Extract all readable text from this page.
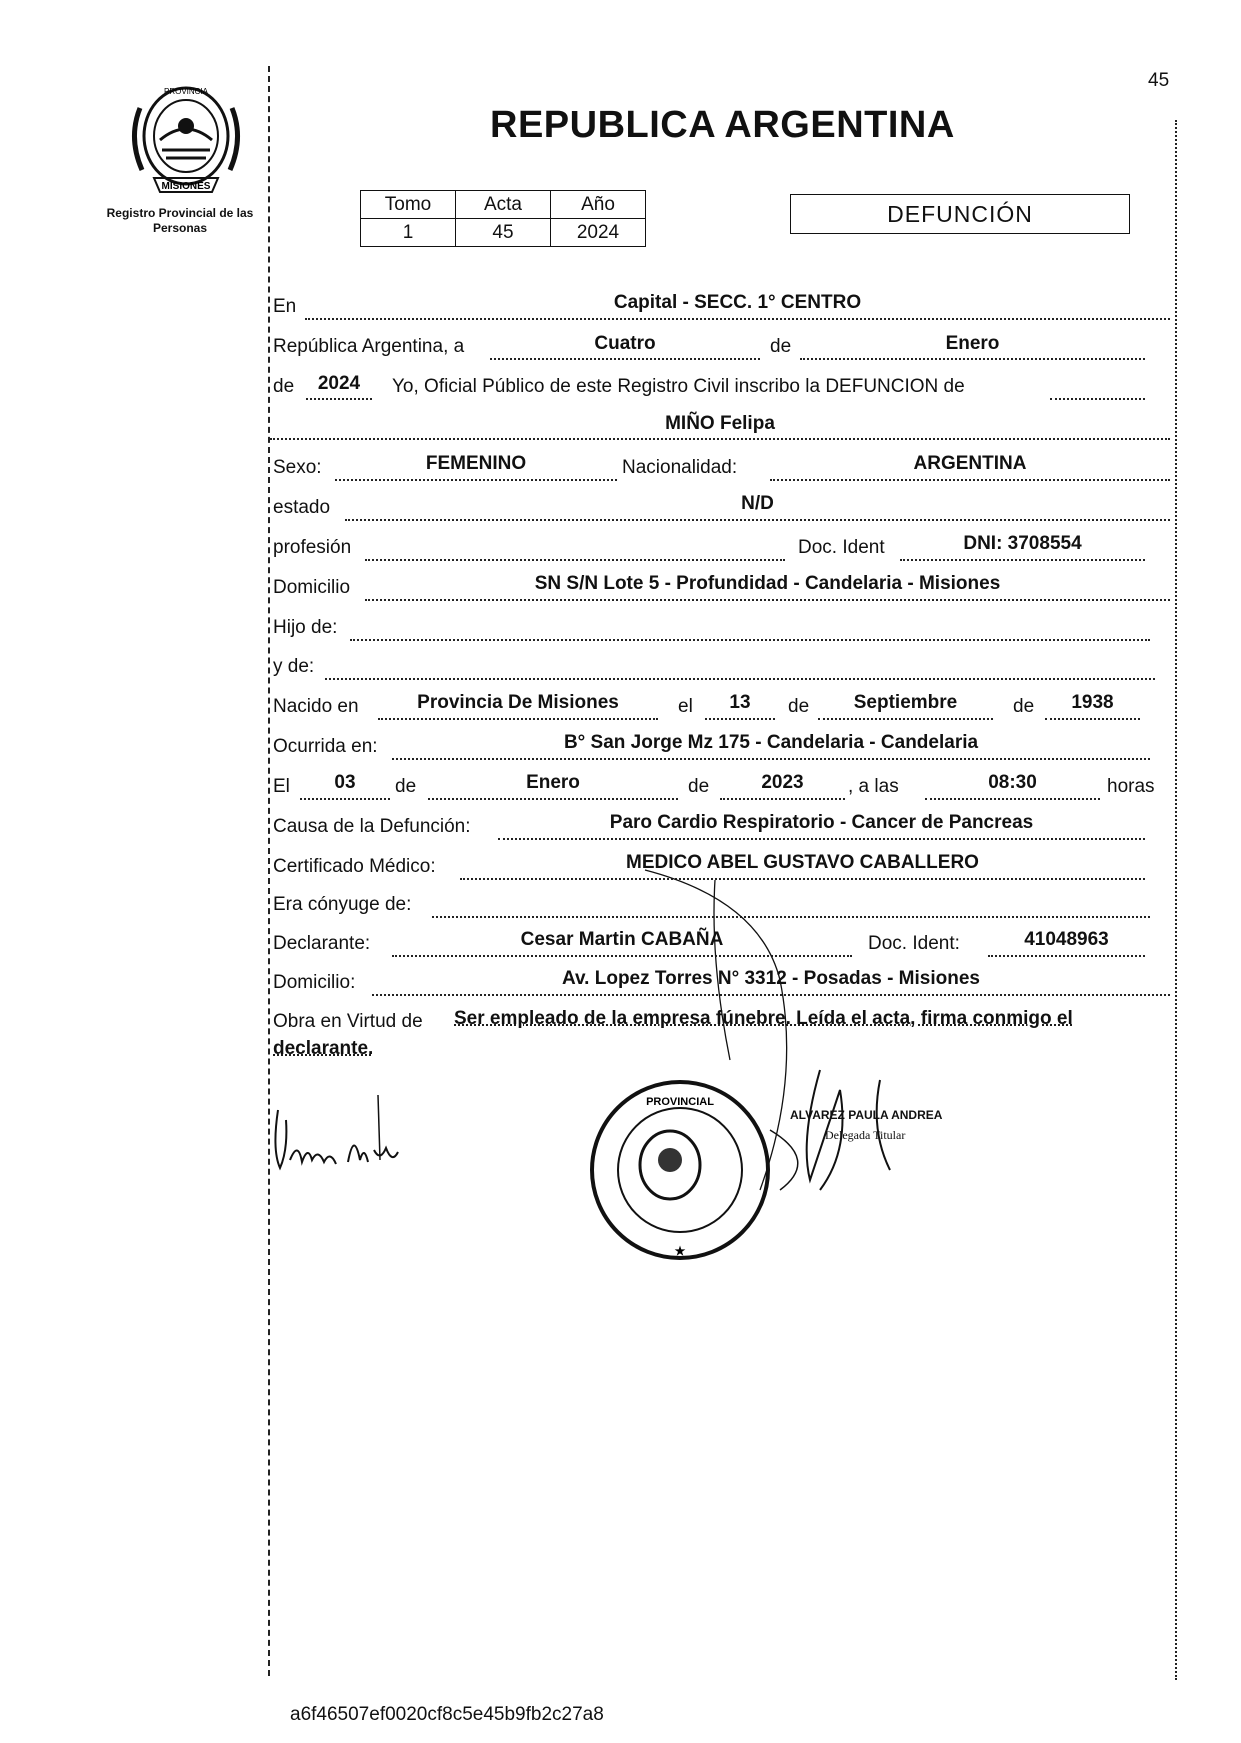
45
MISIONES
PROVINCIA
Registro Provincial de las Personas
REPUBLICA ARGENTINA
Tomo	Acta	Año
1	45	2024
DEFUNCIÓN
En	Capital - SECC. 1° CENTRO
República Argentina, a	Cuatro	de	Enero
de	2024	Yo, Oficial Público de este Registro Civil inscribo la DEFUNCION de
MIÑO Felipa
Sexo:	FEMENINO	Nacionalidad:	ARGENTINA
estado	N/D
profesión	Doc. Ident	DNI: 3708554
Domicilio	SN S/N Lote 5 - Profundidad - Candelaria - Misiones
Hijo de:
y de:
Nacido en	Provincia De Misiones	el	13	de	Septiembre	de	1938
Ocurrida en:	B° San Jorge Mz 175 - Candelaria - Candelaria
El	03	de	Enero	de	2023	, a las	08:30	horas
Causa de la Defunción:	Paro Cardio Respiratorio - Cancer de Pancreas
Certificado Médico:	MEDICO ABEL GUSTAVO CABALLERO
Era cónyuge de:
Declarante:	Cesar Martin CABAÑA	Doc. Ident:	41048963
Domicilio:	Av. Lopez Torres N° 3312 - Posadas - Misiones
Obra en Virtud de Ser empleado de la empresa fúnebre. Leída el acta, firma conmigo el
declarante.
★
PROVINCIAL
ALVAREZ PAULA ANDREA
Delegada Titular
a6f46507ef0020cf8c5e45b9fb2c27a8
